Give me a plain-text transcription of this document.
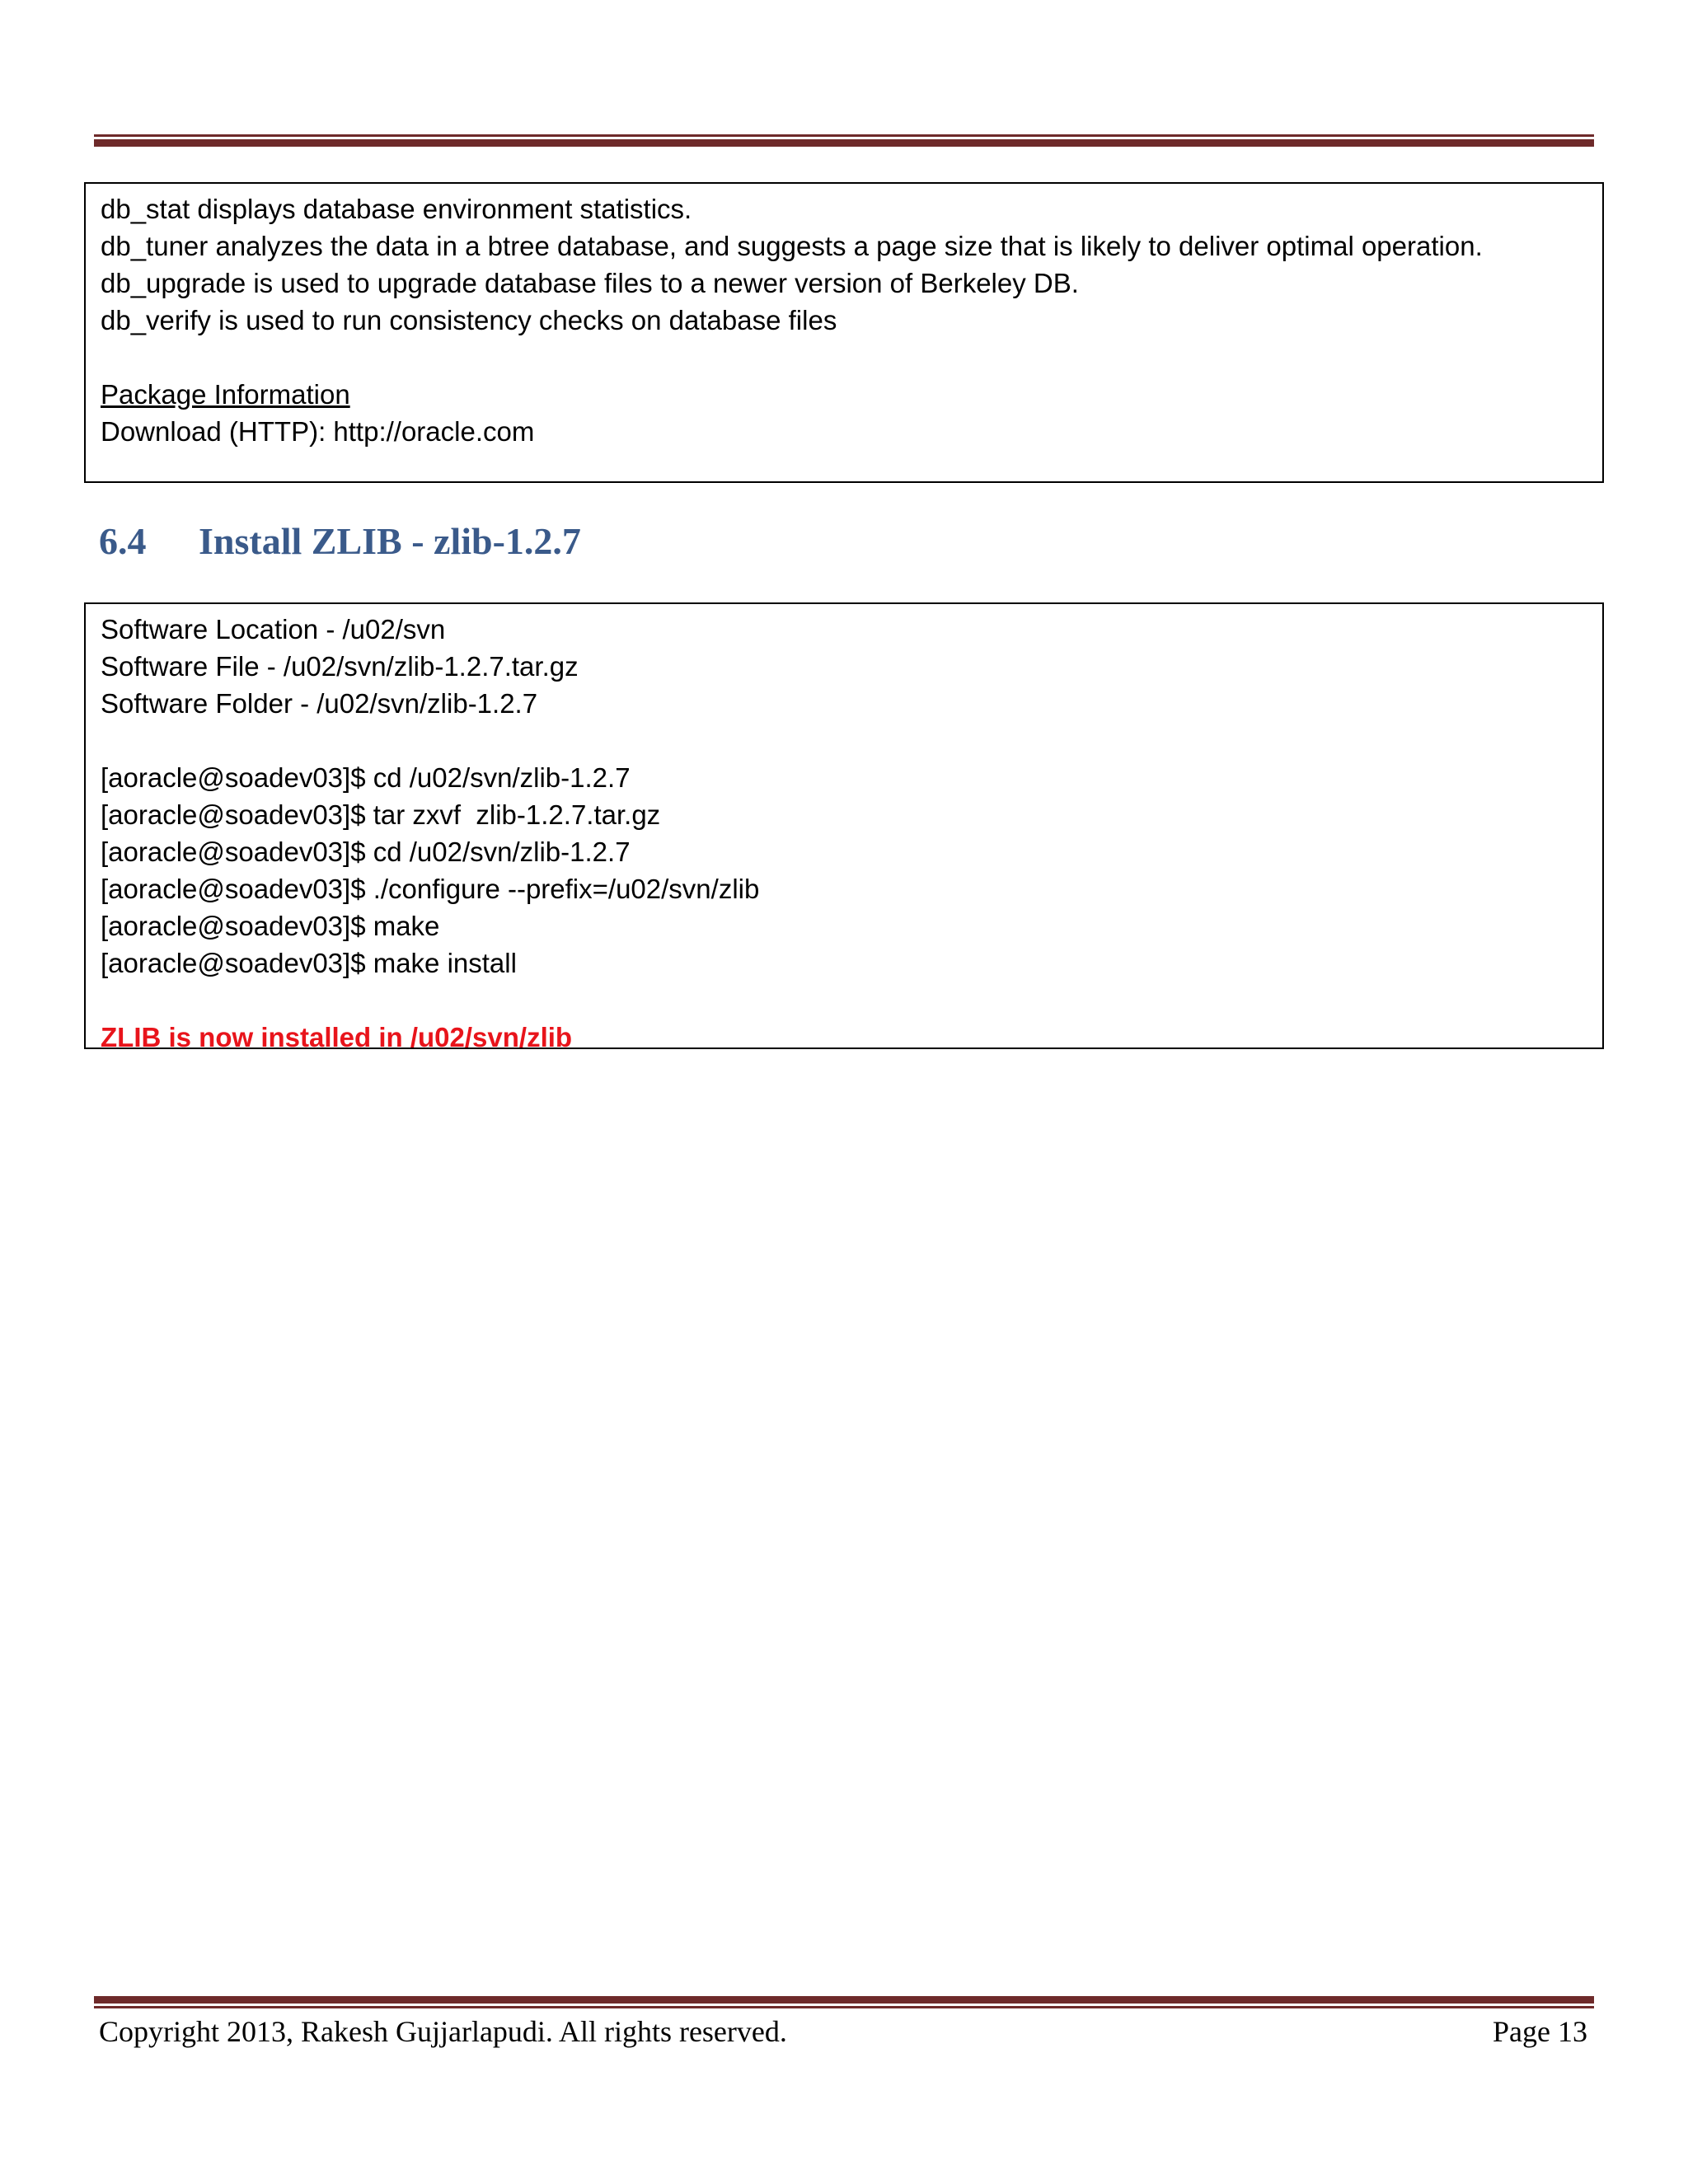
db_stat displays database environment statistics.
db_tuner analyzes the data in a btree database, and suggests a page size that is likely to deliver optimal operation.
db_upgrade is used to upgrade database files to a newer version of Berkeley DB.
db_verify is used to run consistency checks on database files
Package Information
Download (HTTP): http://oracle.com
6.4 Install ZLIB - zlib-1.2.7
Software Location - /u02/svn
Software File - /u02/svn/zlib-1.2.7.tar.gz
Software Folder - /u02/svn/zlib-1.2.7
[aoracle@soadev03]$ cd /u02/svn/zlib-1.2.7
[aoracle@soadev03]$ tar zxvf  zlib-1.2.7.tar.gz
[aoracle@soadev03]$ cd /u02/svn/zlib-1.2.7
[aoracle@soadev03]$ ./configure --prefix=/u02/svn/zlib
[aoracle@soadev03]$ make
[aoracle@soadev03]$ make install
ZLIB is now installed in /u02/svn/zlib
Copyright 2013, Rakesh Gujjarlapudi. All rights reserved.	Page 13
